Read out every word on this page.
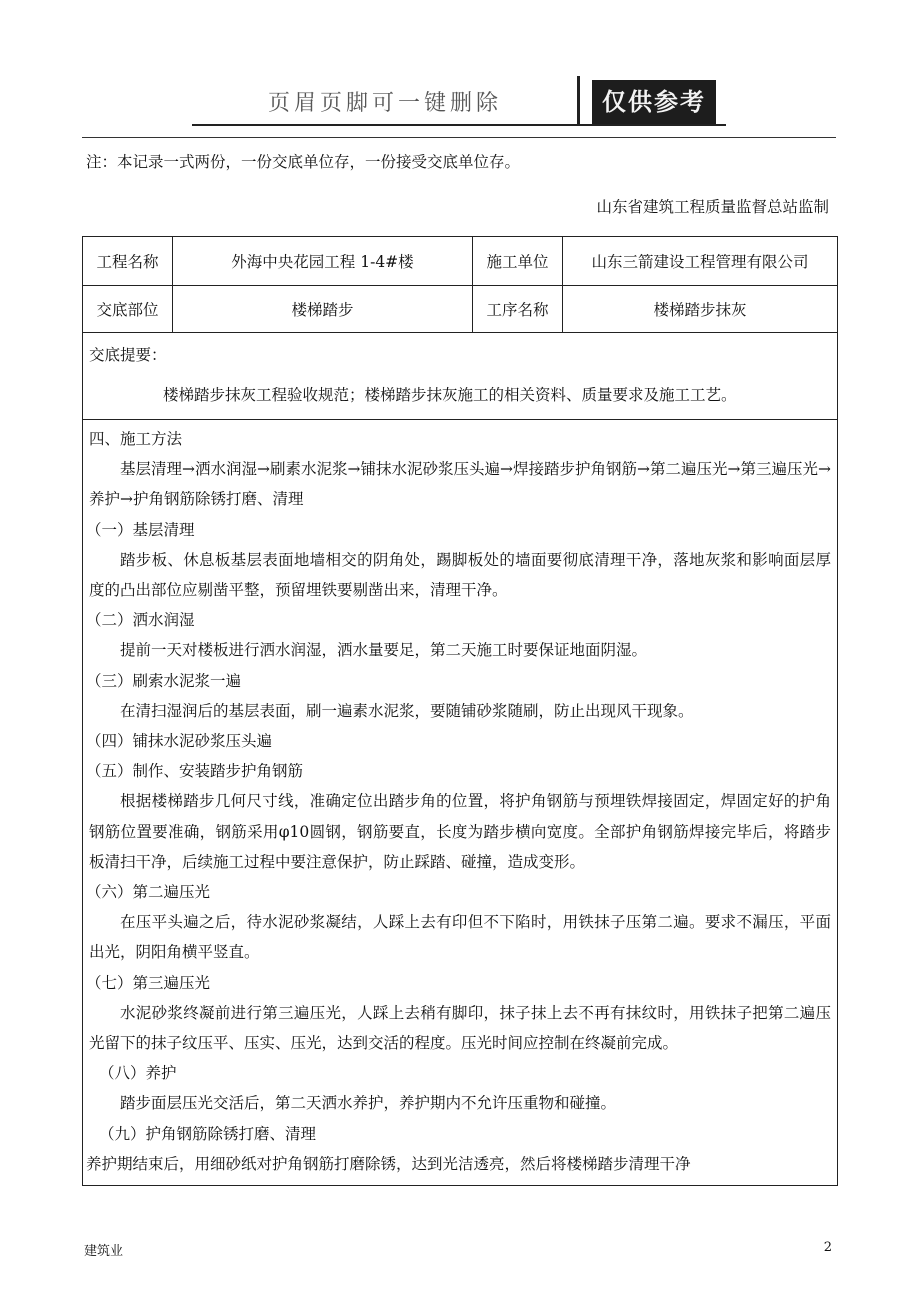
页眉页脚可一键删除	仅供参考
注：本记录一式两份，一份交底单位存，一份接受交底单位存。
山东省建筑工程质量监督总站监制
工程名称	外海中央花园工程 1-4#楼	施工单位	山东三箭建设工程管理有限公司
交底部位	楼梯踏步	工序名称	楼梯踏步抹灰
交底提要：
楼梯踏步抹灰工程验收规范；楼梯踏步抹灰施工的相关资料、质量要求及施工工艺。
四、施工方法
基层清理→洒水润湿→刷素水泥浆→铺抹水泥砂浆压头遍→焊接踏步护角钢筋→第二遍压光→第三遍压光→养护→护角钢筋除锈打磨、清理
（一）基层清理
踏步板、休息板基层表面地墙相交的阴角处，踢脚板处的墙面要彻底清理干净，落地灰浆和影响面层厚度的凸出部位应剔凿平整，预留埋铁要剔凿出来，清理干净。
（二）洒水润湿
提前一天对楼板进行洒水润湿，洒水量要足，第二天施工时要保证地面阴湿。
（三）刷索水泥浆一遍
在清扫湿润后的基层表面，刷一遍素水泥浆，要随铺砂浆随刷，防止出现风干现象。
（四）铺抹水泥砂浆压头遍
（五）制作、安装踏步护角钢筋
根据楼梯踏步几何尺寸线，准确定位出踏步角的位置，将护角钢筋与预埋铁焊接固定，焊固定好的护角钢筋位置要准确，钢筋采用φ10圆钢，钢筋要直，长度为踏步横向宽度。全部护角钢筋焊接完毕后，将踏步板清扫干净，后续施工过程中要注意保护，防止踩踏、碰撞，造成变形。
（六）第二遍压光
在压平头遍之后，待水泥砂浆凝结，人踩上去有印但不下陷时，用铁抹子压第二遍。要求不漏压，平面出光，阴阳角横平竖直。
（七）第三遍压光
水泥砂浆终凝前进行第三遍压光，人踩上去稍有脚印，抹子抹上去不再有抹纹时，用铁抹子把第二遍压光留下的抹子纹压平、压实、压光，达到交活的程度。压光时间应控制在终凝前完成。
（八）养护
踏步面层压光交活后，第二天洒水养护，养护期内不允许压重物和碰撞。
（九）护角钢筋除锈打磨、清理
养护期结束后，用细砂纸对护角钢筋打磨除锈，达到光洁透亮，然后将楼梯踏步清理干净
建筑业	2
